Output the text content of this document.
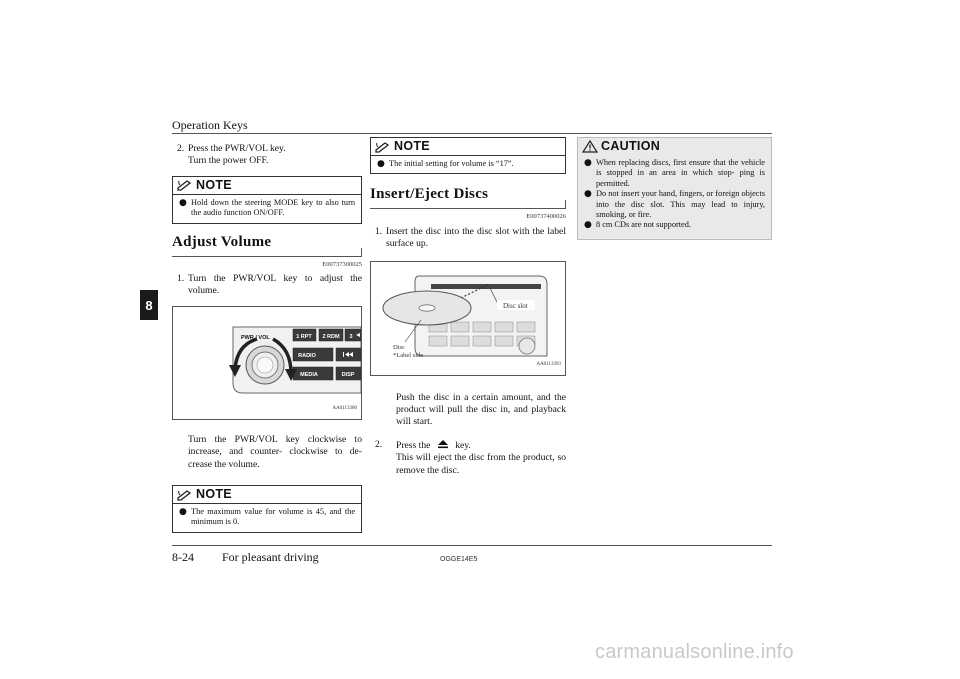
Operation Keys
8
2. Press the PWR/VOL key.
Turn the power OFF.
NOTE
● Hold down the steering MODE key to also turn the audio function ON/OFF.
Adjust Volume
E00737300025
1. Turn the PWR/VOL key to adjust the volume.
1 RPT 2 RDM 3
RADIO
MEDIA	DISP
PWR / VOL
AA0113380
Turn the PWR/VOL key clockwise to increase, and counter- clockwise to de- crease the volume.
NOTE
● The maximum value for volume is 45, and the minimum is 0.
NOTE
● The initial setting for volume is “17”.
Insert/Eject Discs
E00737400026
1. Insert the disc into the disc slot with the label surface up.
Disc slot
Disc
*Label side
AA0113393
Push the disc in a certain amount, and the product will pull the disc in, and playback will start.
2.	Press the	key.
This will eject the disc from the product, so remove the disc.
CAUTION
● When replacing discs, first ensure that the vehicle is stopped in an area in which stop- ping is permitted.
● Do not insert your hand, fingers, or foreign objects into the disc slot. This may lead to injury, smoking, or fire.
● 8 cm CDs are not supported.
8-24 For pleasant driving	OGGE14E5
carmanualsonline.info
